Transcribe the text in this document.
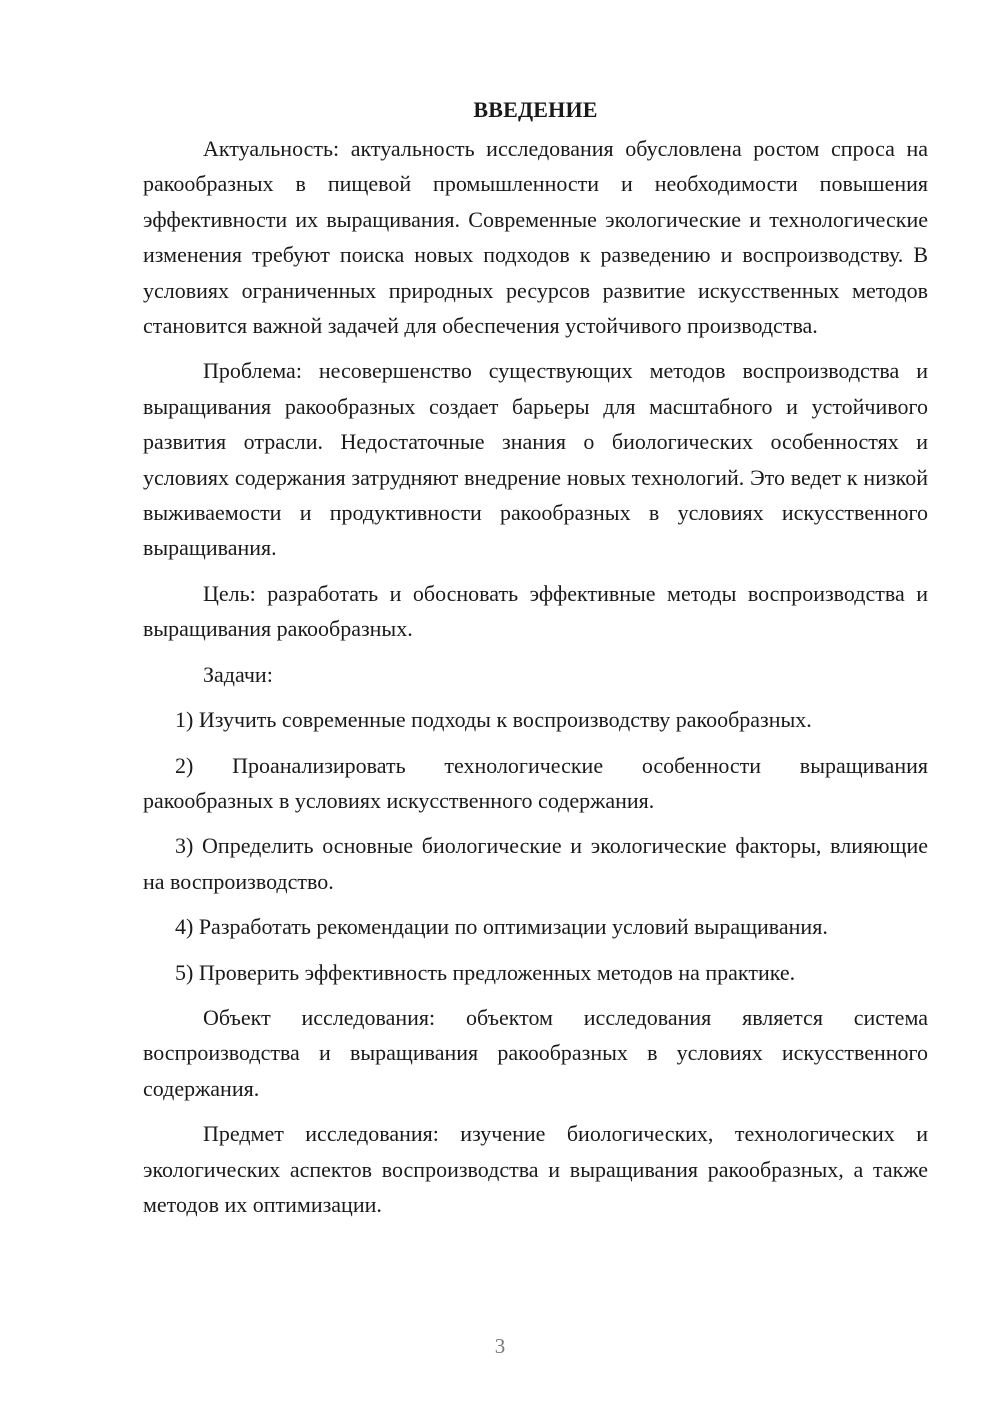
ВВЕДЕНИЕ

Актуальность: актуальность исследования обусловлена ростом спроса на ракообразных в пищевой промышленности и необходимости повышения эффективности их выращивания. Современные экологические и технологические изменения требуют поиска новых подходов к разведению и воспроизводству. В условиях ограниченных природных ресурсов развитие искусственных методов становится важной задачей для обеспечения устойчивого производства.

Проблема: несовершенство существующих методов воспроизводства и выращивания ракообразных создает барьеры для масштабного и устойчивого развития отрасли. Недостаточные знания о биологических особенностях и условиях содержания затрудняют внедрение новых технологий. Это ведет к низкой выживаемости и продуктивности ракообразных в условиях искусственного выращивания.

Цель: разработать и обосновать эффективные методы воспроизводства и выращивания ракообразных.

Задачи:

1) Изучить современные подходы к воспроизводству ракообразных.

2) Проанализировать технологические особенности выращивания ракообразных в условиях искусственного содержания.

3) Определить основные биологические и экологические факторы, влияющие на воспроизводство.

4) Разработать рекомендации по оптимизации условий выращивания.

5) Проверить эффективность предложенных методов на практике.

Объект исследования: объектом исследования является система воспроизводства и выращивания ракообразных в условиях искусственного содержания.

Предмет исследования: изучение биологических, технологических и экологических аспектов воспроизводства и выращивания ракообразных, а также методов их оптимизации.

3
